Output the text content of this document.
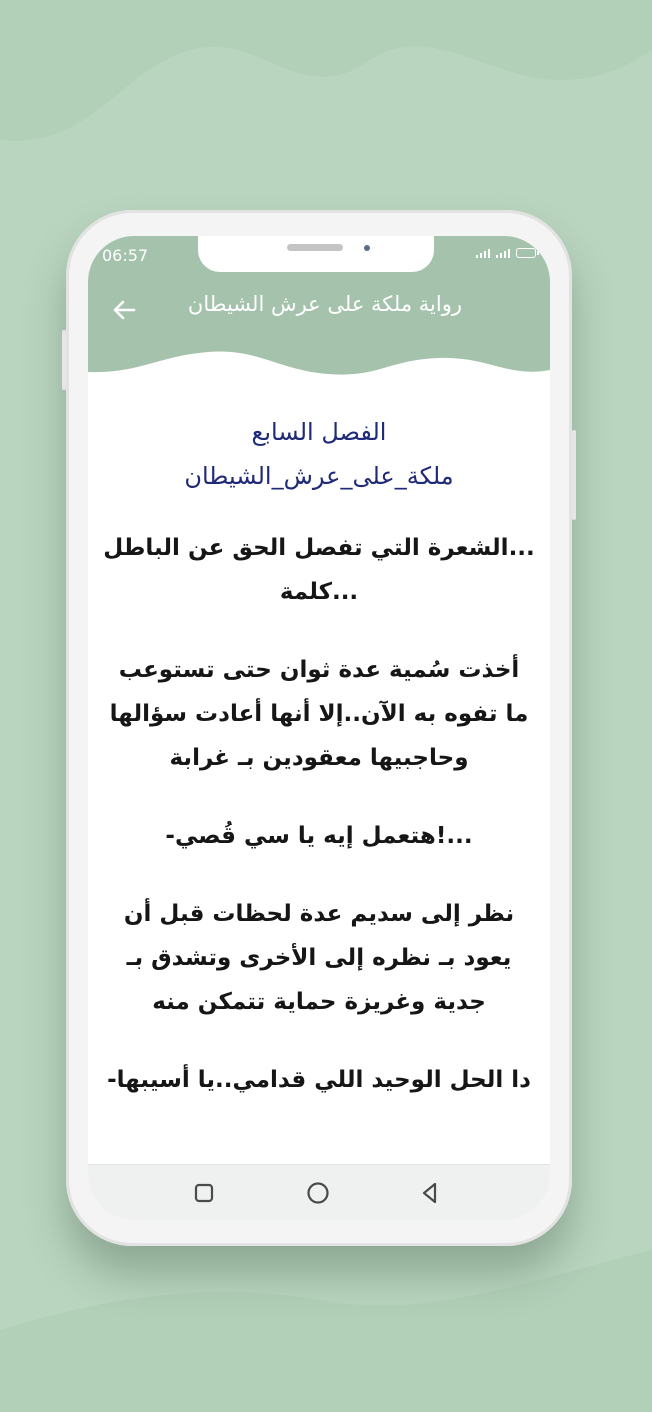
06:57
رواية ملكة على عرش الشيطان

الفصل السابع

ملكة_على_عرش_الشيطان

...الشعرة التي تفصل الحق عن الباطل

...كلمة

أخذت سُمية عدة ثوان حتى تستوعب

ما تفوه به الآن..إلا أنها أعادت سؤالها

وحاجبيها معقودين بـ غرابة

...!هتعمل إيه يا سي قُصي-

نظر إلى سديم عدة لحظات قبل أن

يعود بـ نظره إلى الأخرى وتشدق بـ

جدية وغريزة حماية تتمكن منه

دا الحل الوحيد اللي قدامي..يا أسيبها-
